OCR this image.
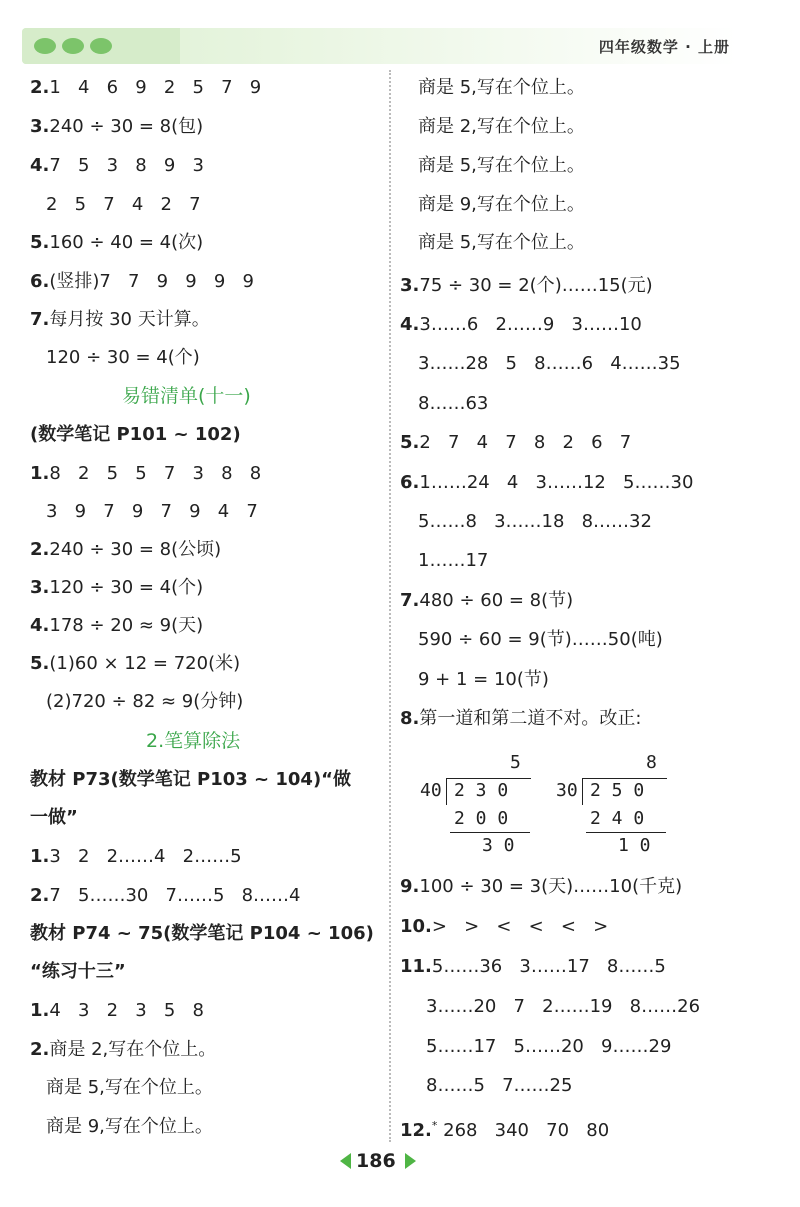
四年级数学 · 上册
2.1   4   6   9   2   5   7   9
3.240 ÷ 30 = 8(包)
4.7   5   3   8   9   3
2   5   7   4   2   7
5.160 ÷ 40 = 4(次)
6.(竖排)7   7   9   9   9   9
7.每月按 30 天计算。
120 ÷ 30 = 4(个)
易错清单(十一)
(数学笔记 P101 ~ 102)
1.8   2   5   5   7   3   8   8
3   9   7   9   7   9   4   7
2.240 ÷ 30 = 8(公顷)
3.120 ÷ 30 = 4(个)
4.178 ÷ 20 ≈ 9(天)
5.(1)60 × 12 = 720(米)
(2)720 ÷ 82 ≈ 9(分钟)
2.笔算除法
教材 P73(数学笔记 P103 ~ 104)“做
一做”
1.3   2   2……4   2……5
2.7   5……30   7……5   8……4
教材 P74 ~ 75(数学笔记 P104 ~ 106)
“练习十三”
1.4   3   2   3   5   8
2.商是 2,写在个位上。
商是 5,写在个位上。
商是 9,写在个位上。
商是 5,写在个位上。
商是 2,写在个位上。
商是 5,写在个位上。
商是 9,写在个位上。
商是 5,写在个位上。
3.75 ÷ 30 = 2(个)……15(元)
4.3……6   2……9   3……10
3……28   5   8……6   4……35
8……63
5.2   7   4   7   8   2   6   7
6.1……24   4   3……12   5……30
5……8   3……18   8……32
1……17
7.480 ÷ 60 = 8(节)
590 ÷ 60 = 9(节)……50(吨)
9 + 1 = 10(节)
8.第一道和第二道不对。改正:
5
40 2 3 0
2 0 0
3 0
8
30 2 5 0
2 4 0
1 0
9.100 ÷ 30 = 3(天)……10(千克)
10.>   >   <   <   <   >
11.5……36   3……17   8……5
3……20   7   2……19   8……26
5……17   5……20   9……29
8……5   7……25
12.* 268   340   70   80
186
